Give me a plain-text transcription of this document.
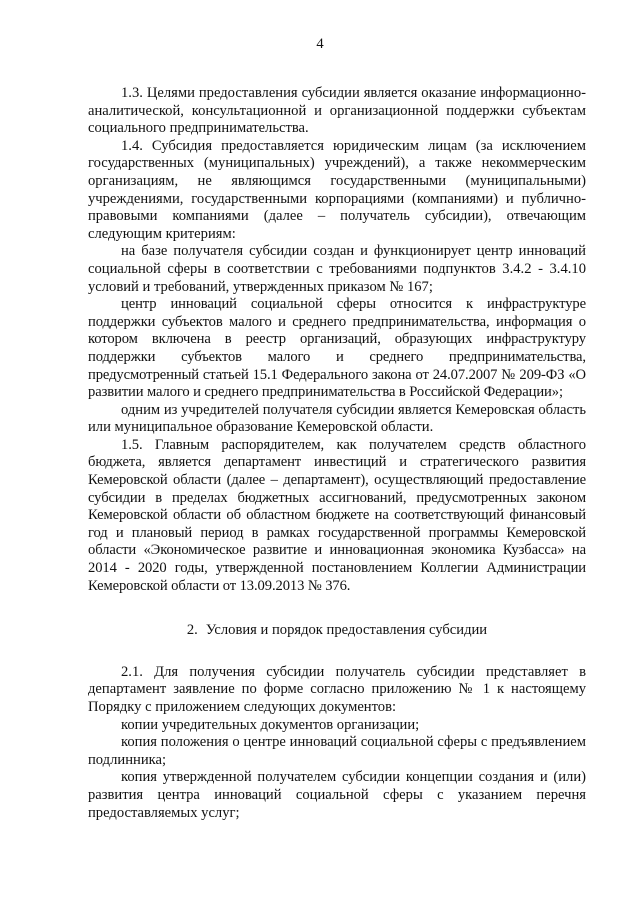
4

1.3. Целями предоставления субсидии является оказание информационно-аналитической, консультационной и организационной поддержки субъектам социального предпринимательства.

1.4. Субсидия предоставляется юридическим лицам (за исключением государственных (муниципальных) учреждений), а также некоммерческим организациям, не являющимся государственными (муниципальными) учреждениями, государственными корпорациями (компаниями) и публично-правовыми компаниями (далее – получатель субсидии), отвечающим следующим критериям:

на базе получателя субсидии создан и функционирует центр инноваций социальной сферы в соответствии с требованиями подпунктов 3.4.2 - 3.4.10 условий и требований, утвержденных приказом № 167;

центр инноваций социальной сферы относится к инфраструктуре поддержки субъектов малого и среднего предпринимательства, информация о котором включена в реестр организаций, образующих инфраструктуру поддержки субъектов малого и среднего предпринимательства, предусмотренный статьей 15.1 Федерального закона от 24.07.2007 № 209-ФЗ «О развитии малого и среднего предпринимательства в Российской Федерации»;

одним из учредителей получателя субсидии является Кемеровская область или муниципальное образование Кемеровской области.

1.5. Главным распорядителем, как получателем средств областного бюджета, является департамент инвестиций и стратегического развития Кемеровской области (далее – департамент), осуществляющий предоставление субсидии в пределах бюджетных ассигнований, предусмотренных законом Кемеровской области об областном бюджете на соответствующий финансовый год и плановый период в рамках государственной программы Кемеровской области «Экономическое развитие и инновационная экономика Кузбасса» на 2014 - 2020 годы, утвержденной постановлением Коллегии Администрации Кемеровской области от 13.09.2013 № 376.

2. Условия и порядок предоставления субсидии

2.1. Для получения субсидии получатель субсидии представляет в департамент заявление по форме согласно приложению № 1 к настоящему Порядку с приложением следующих документов:

копии учредительных документов организации;

копия положения о центре инноваций социальной сферы с предъявлением подлинника;

копия утвержденной получателем субсидии концепции создания и (или) развития центра инноваций социальной сферы с указанием перечня предоставляемых услуг;
